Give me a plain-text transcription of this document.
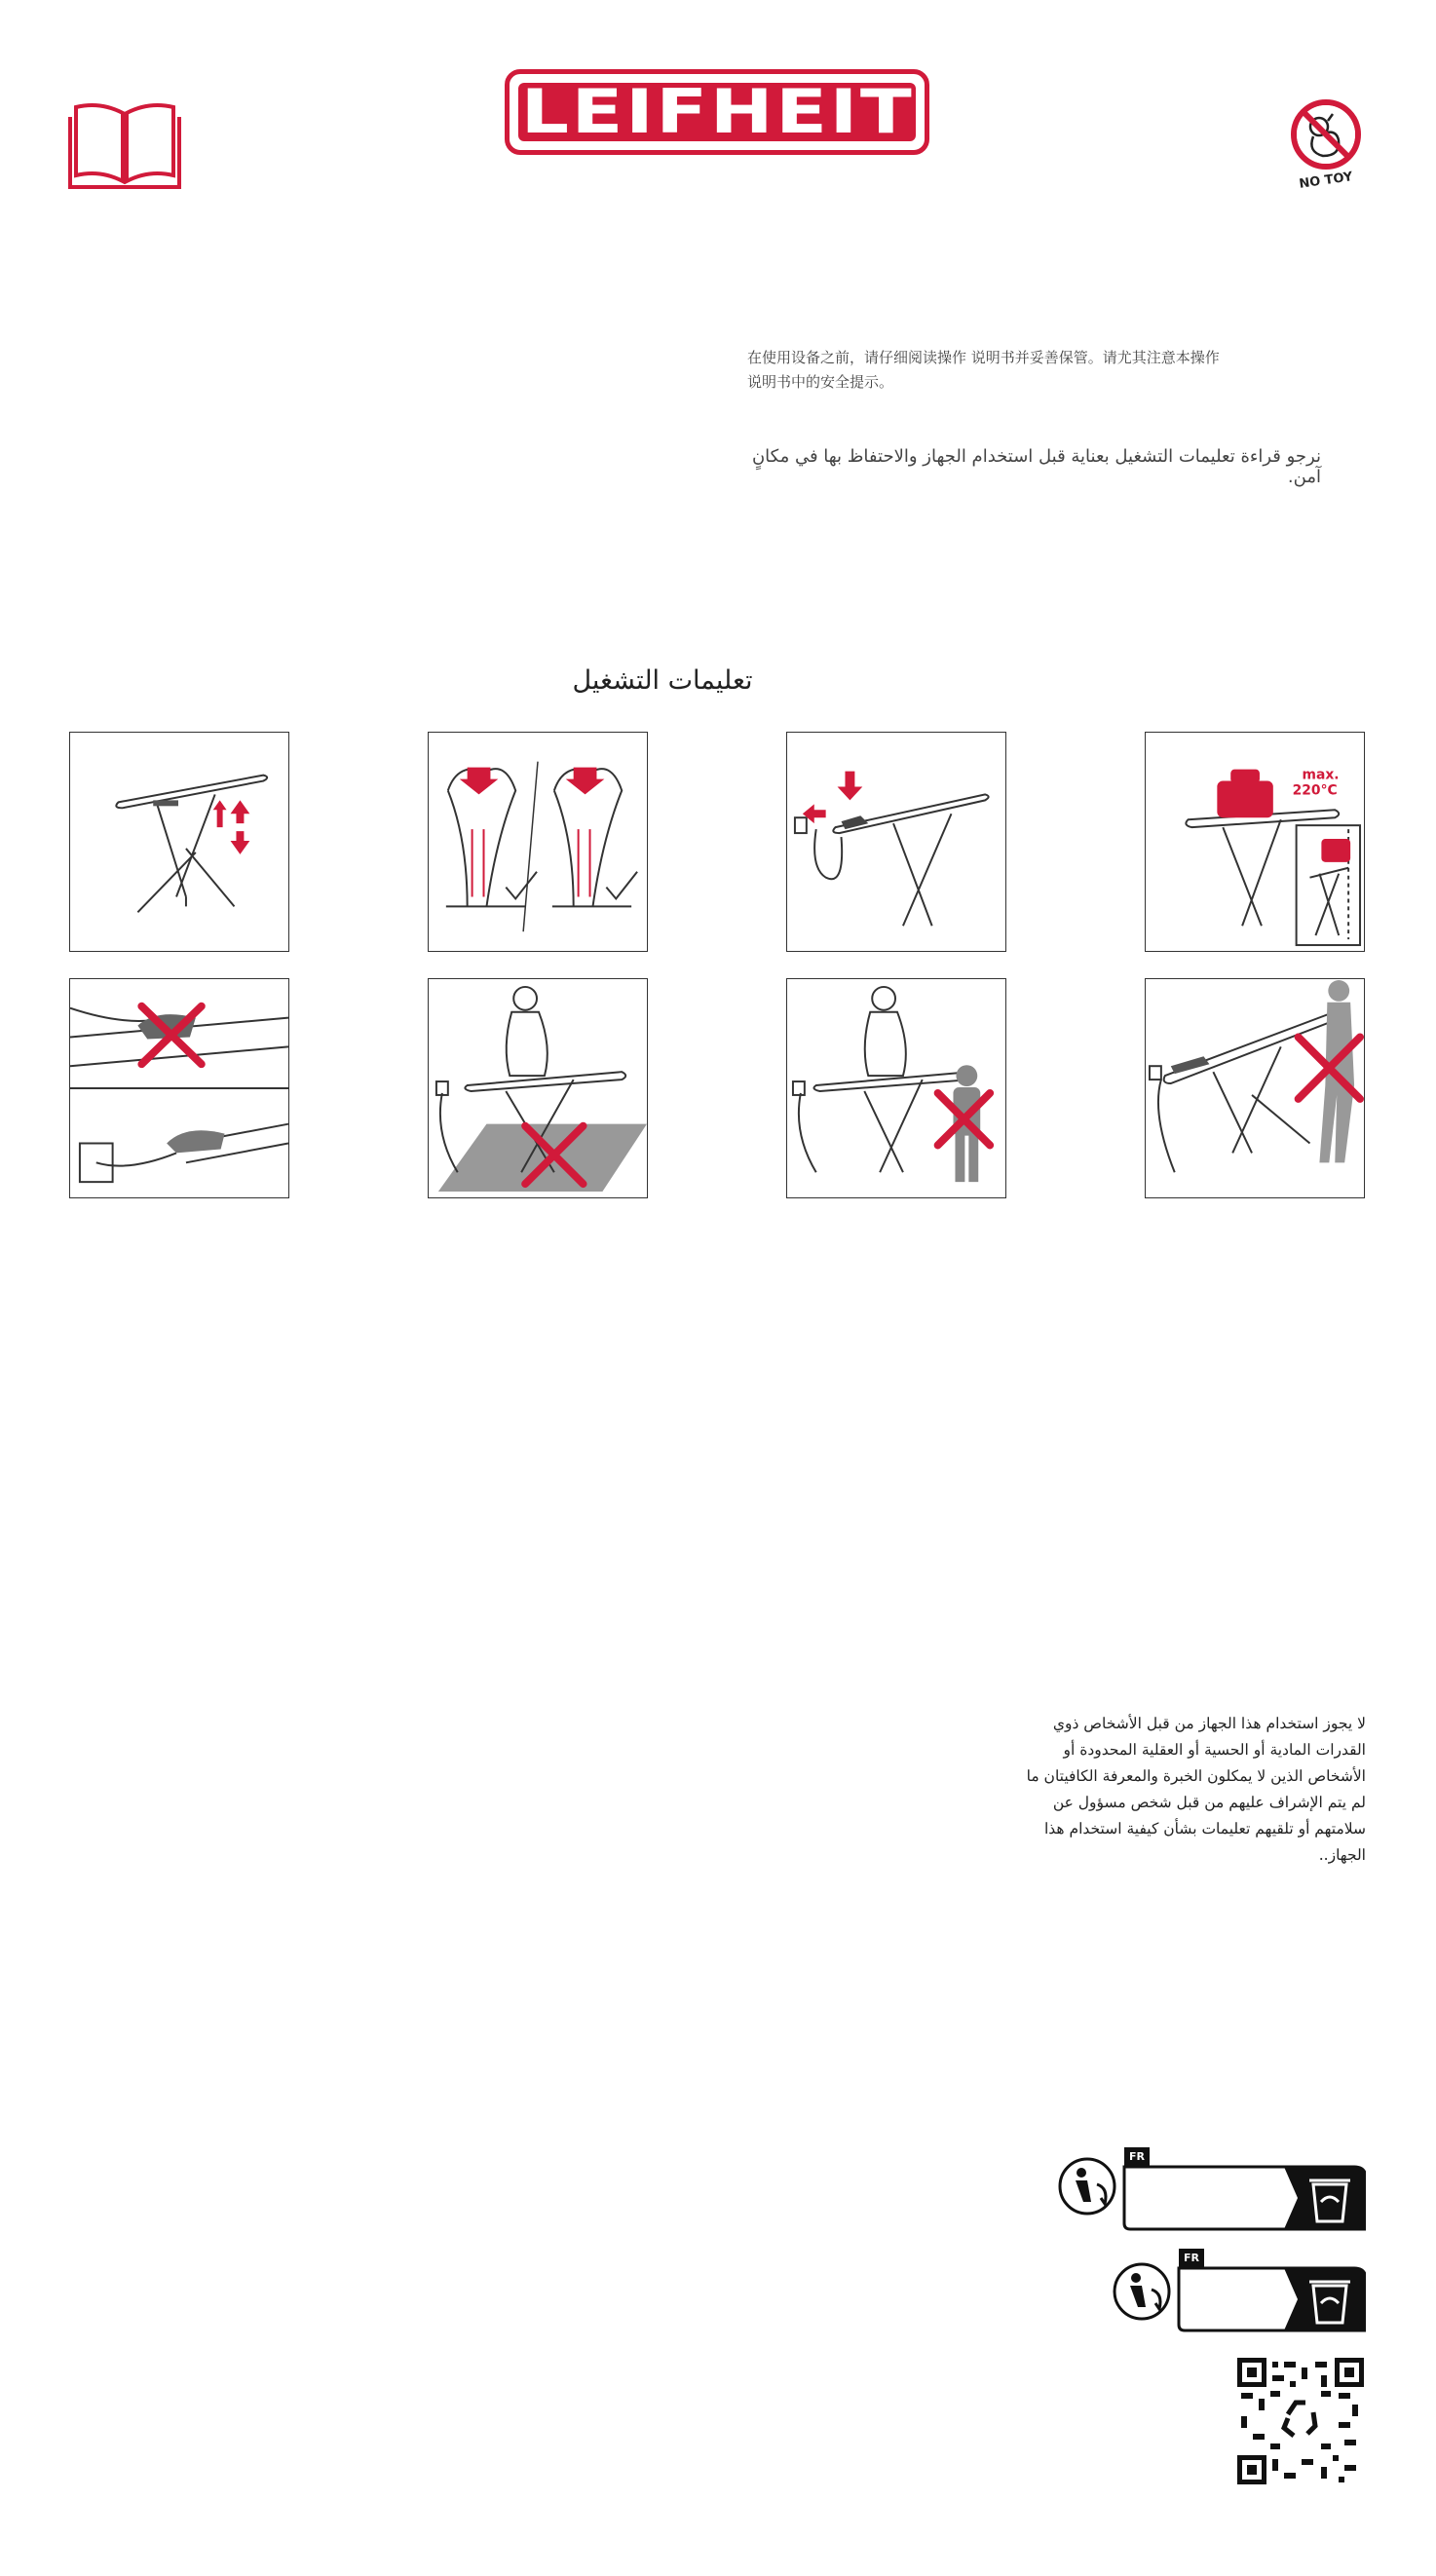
LEIFHEIT
NO TOY
在使用设备之前，请仔细阅读操作 说明书并妥善保管。请尤其注意本操作说明书中的安全提示。
نرجو قراءة تعليمات التشغيل بعناية قبل استخدام الجهاز والاحتفاظ بها في مكانٍ آمن.
تعليمات التشغيل
max.
220°C
لا يجوز استخدام هذا الجهاز من قبل الأشخاص ذوي القدرات المادية أو الحسية أو العقلية المحدودة أو الأشخاص الذين لا يمكلون الخبرة والمعرفة الكافيتان ما لم يتم الإشراف عليهم من قبل شخص مسؤول عن سلامتهم أو تلقيهم تعليمات بشأن كيفية استخدام هذا الجهاز..
FR
FR
